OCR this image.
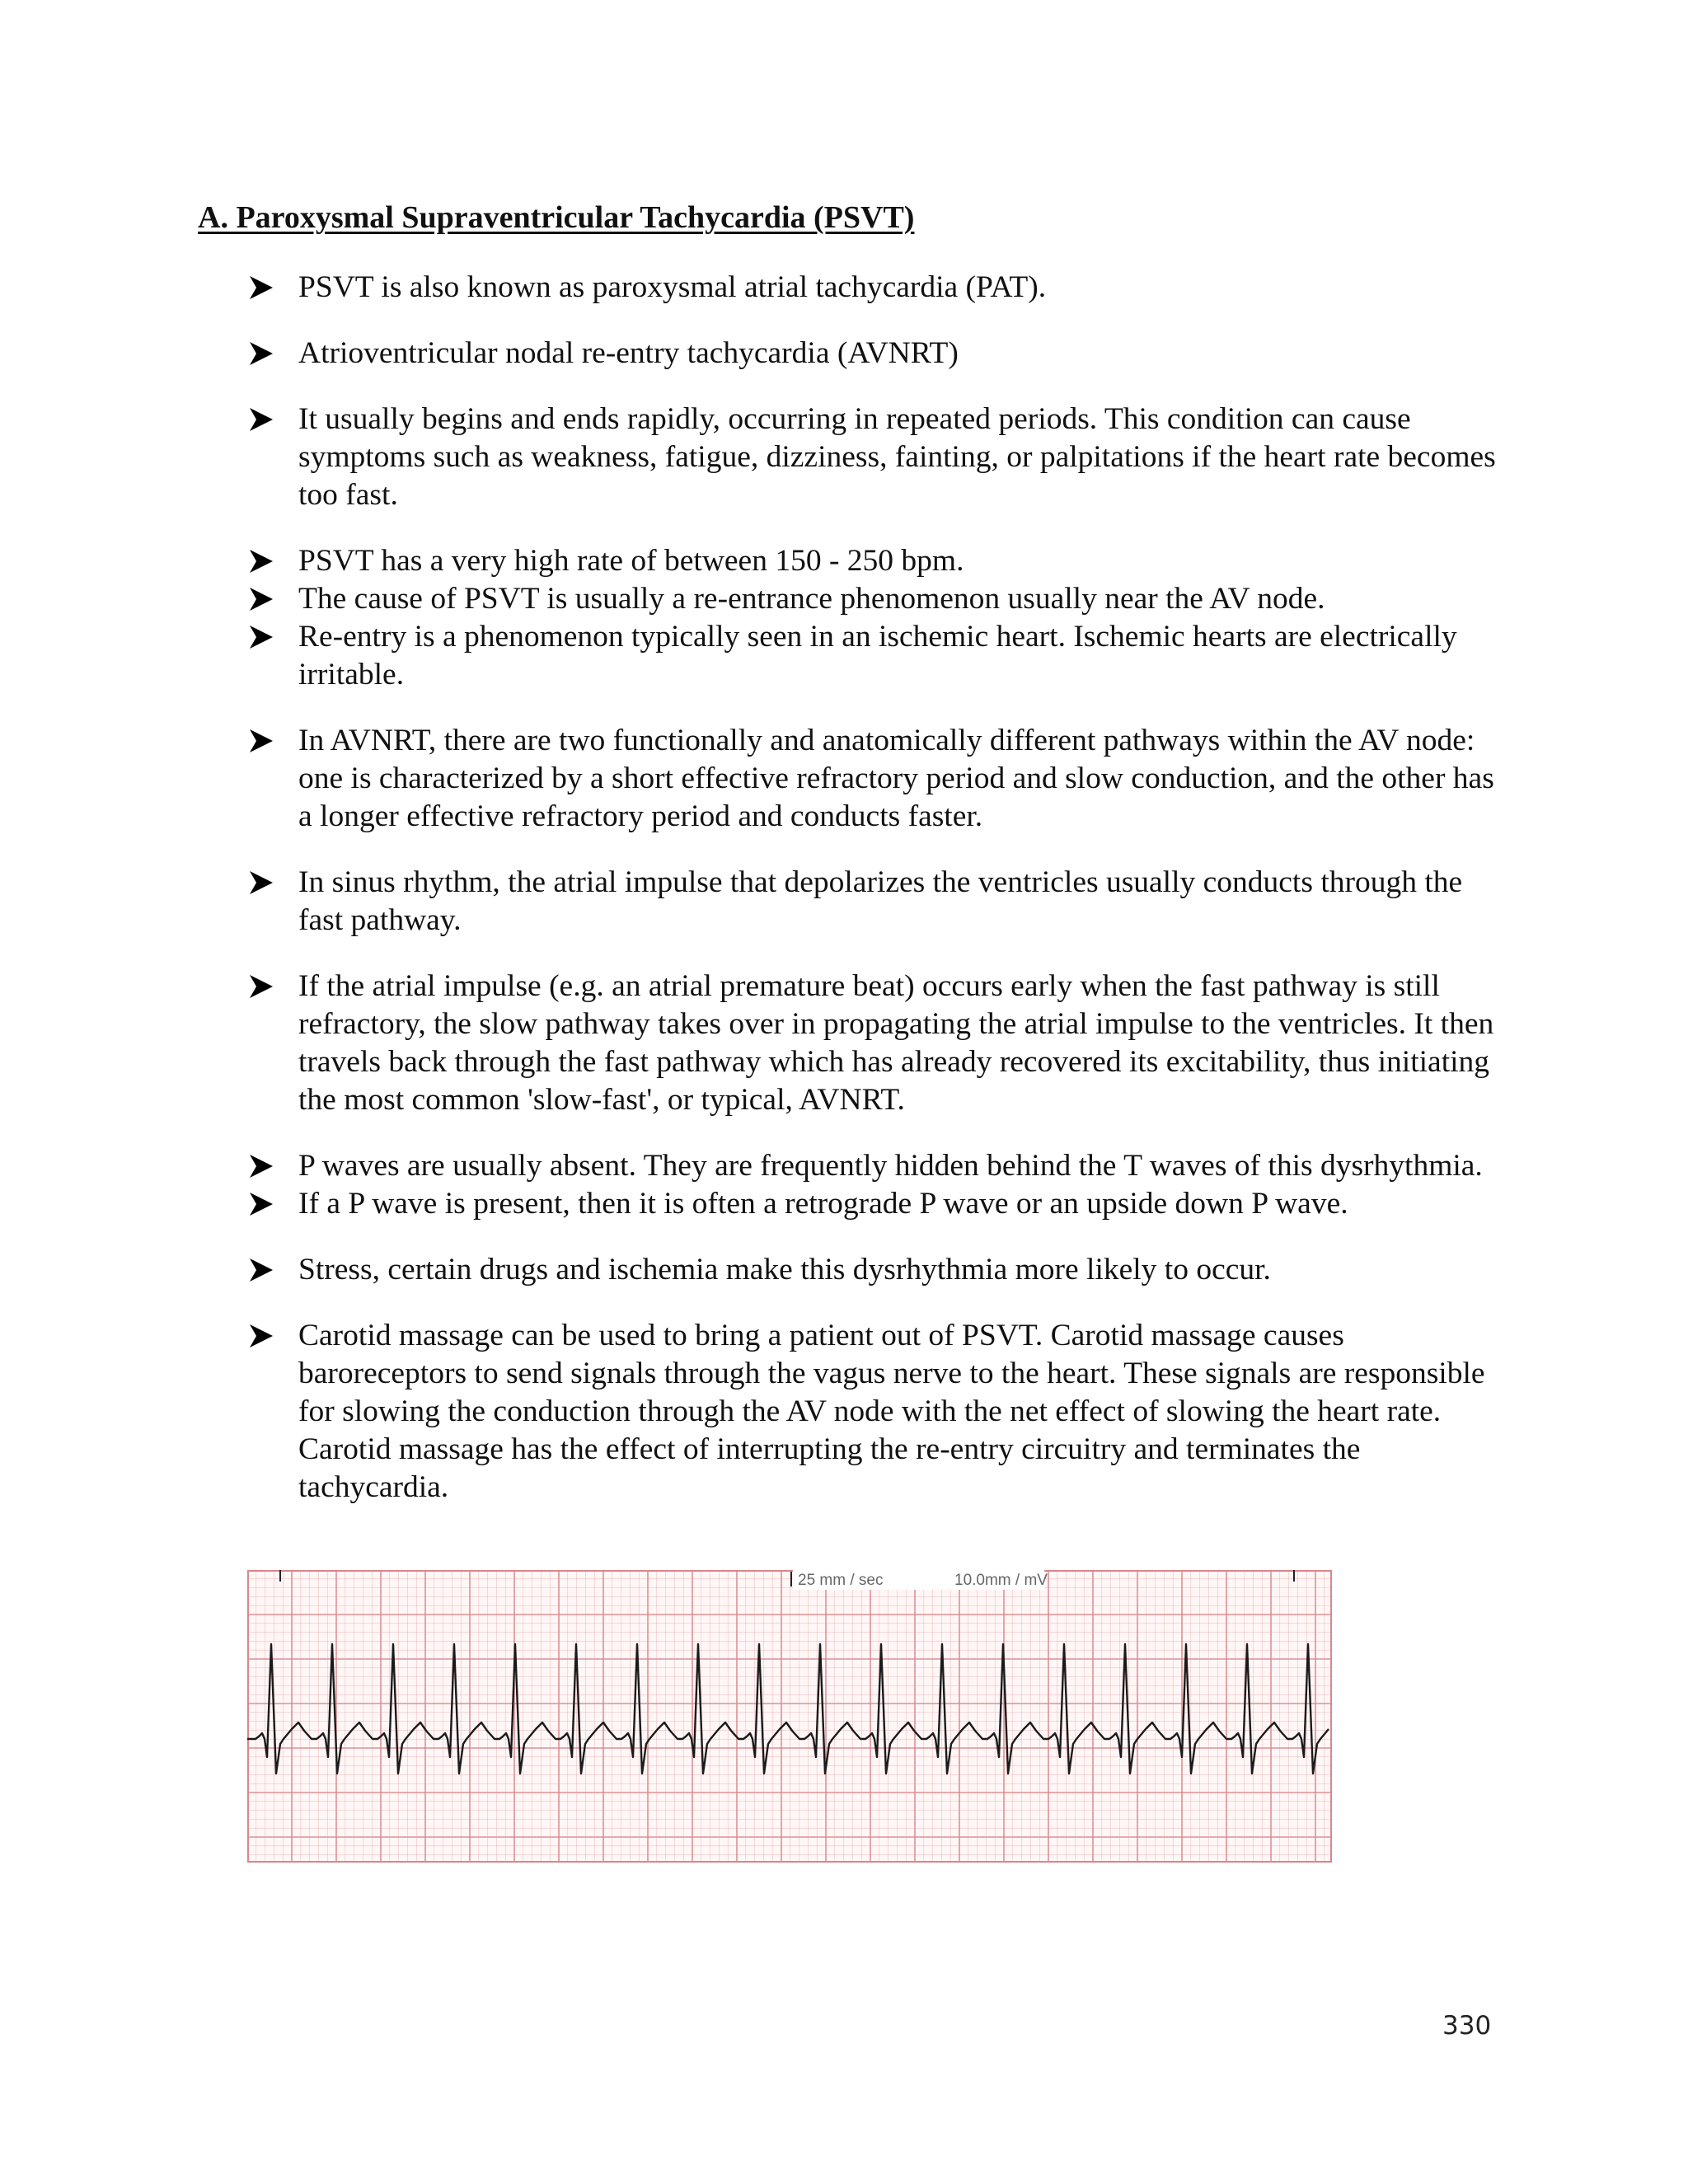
A. Paroxysmal Supraventricular Tachycardia (PSVT)
PSVT is also known as paroxysmal atrial tachycardia (PAT).
Atrioventricular nodal re-entry tachycardia (AVNRT)
It usually begins and ends rapidly, occurring in repeated periods. This condition can cause symptoms such as weakness, fatigue, dizziness, fainting, or palpitations if the heart rate becomes too fast.
PSVT has a very high rate of between 150 - 250 bpm.
The cause of PSVT is usually a re-entrance phenomenon usually near the AV node.
Re-entry is a phenomenon typically seen in an ischemic heart. Ischemic hearts are electrically irritable.
In AVNRT, there are two functionally and anatomically different pathways within the AV node: one is characterized by a short effective refractory period and slow conduction, and the other has a longer effective refractory period and conducts faster.
In sinus rhythm, the atrial impulse that depolarizes the ventricles usually conducts through the fast pathway.
If the atrial impulse (e.g. an atrial premature beat) occurs early when the fast pathway is still refractory, the slow pathway takes over in propagating the atrial impulse to the ventricles. It then travels back through the fast pathway which has already recovered its excitability, thus initiating the most common 'slow-fast', or typical, AVNRT.
P waves are usually absent. They are frequently hidden behind the T waves of this dysrhythmia.
If a P wave is present, then it is often a retrograde P wave or an upside down P wave.
Stress, certain drugs and ischemia make this dysrhythmia more likely to occur.
Carotid massage can be used to bring a patient out of PSVT. Carotid massage causes baroreceptors to send signals through the vagus nerve to the heart. These signals are responsible for slowing the conduction through the AV node with the net effect of slowing the heart rate. Carotid massage has the effect of interrupting the re-entry circuitry and terminates the tachycardia.
25 mm / sec	10.0mm / mV
330
